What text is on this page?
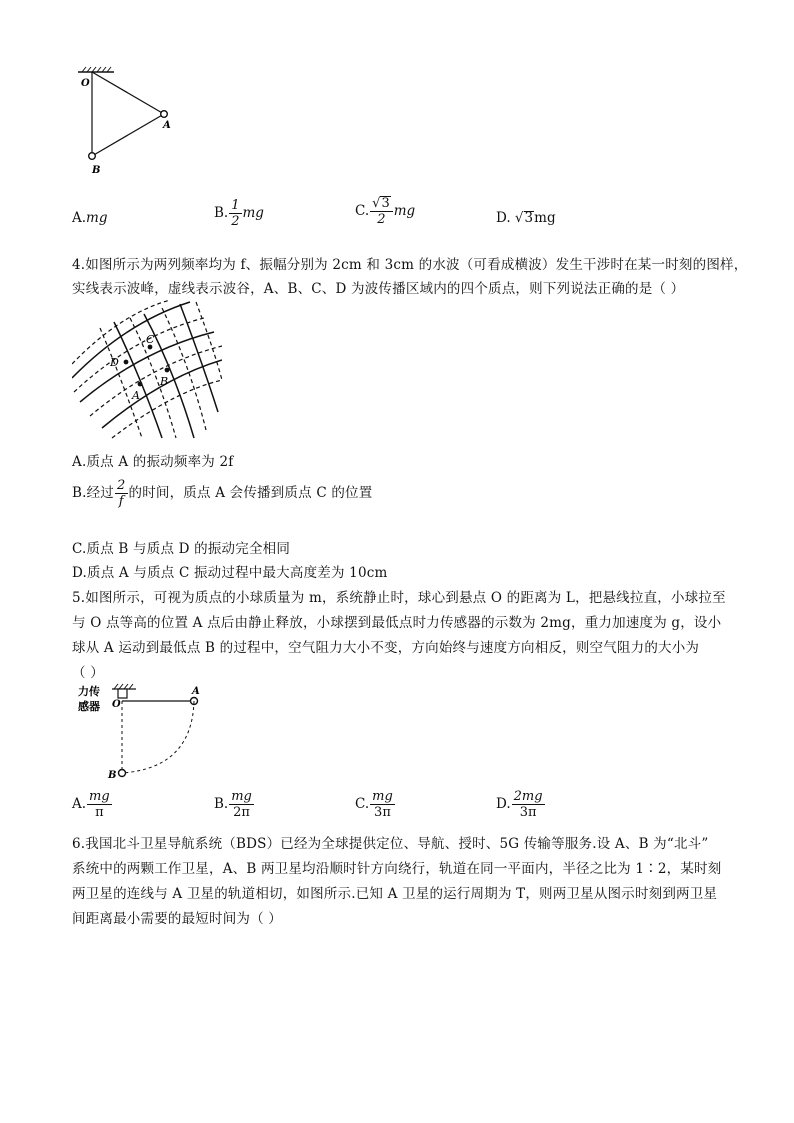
O
A
B
A.mg	B. $\frac{1}{2}$ mg	C. $\frac{√3}{2}$ mg	D. √3mg
4.如图所示为两列频率均为 f、振幅分别为 2cm 和 3cm 的水波（可看成横波）发生干涉时在某一时刻的图样，
实线表示波峰，虚线表示波谷，A、B、C、D 为波传播区域内的四个质点，则下列说法正确的是（ ）
C
D
A
B
A.质点 A 的振动频率为 2f
B.经过 $\frac{2}{f}$ 的时间，质点 A 会传播到质点 C 的位置
C.质点 B 与质点 D 的振动完全相同
D.质点 A 与质点 C 振动过程中最大高度差为 10cm
5.如图所示，可视为质点的小球质量为 m，系统静止时，球心到悬点 O 的距离为 L，把悬线拉直，小球拉至
与 O 点等高的位置 A 点后由静止释放，小球摆到最低点时力传感器的示数为 2mg，重力加速度为 g，设小
球从 A 运动到最低点 B 的过程中，空气阻力大小不变，方向始终与速度方向相反，则空气阻力的大小为
（ ）
力传
感器 O
A
B
A. $\frac{mg}{\pi}$	B. $\frac{mg}{2\pi}$	C. $\frac{mg}{3\pi}$	D. $\frac{2mg}{3\pi}$
6.我国北斗卫星导航系统（BDS）已经为全球提供定位、导航、授时、5G 传输等服务.设 A、B 为“北斗”
系统中的两颗工作卫星，A、B 两卫星均沿顺时针方向绕行，轨道在同一平面内，半径之比为 1∶2，某时刻
两卫星的连线与 A 卫星的轨道相切，如图所示.已知 A 卫星的运行周期为 T，则两卫星从图示时刻到两卫星
间距离最小需要的最短时间为（ ）
